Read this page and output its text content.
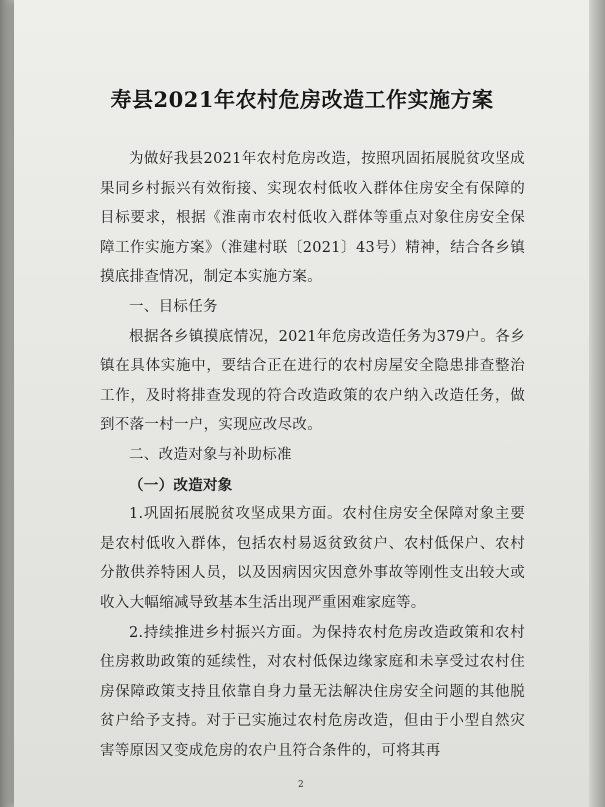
寿县2021年农村危房改造工作实施方案

为做好我县2021年农村危房改造，按照巩固拓展脱贫攻坚成果同乡村振兴有效衔接、实现农村低收入群体住房安全有保障的目标要求，根据《淮南市农村低收入群体等重点对象住房安全保障工作实施方案》（淮建村联〔2021〕43号）精神，结合各乡镇摸底排查情况，制定本实施方案。

一、目标任务

根据各乡镇摸底情况，2021年危房改造任务为379户。各乡镇在具体实施中，要结合正在进行的农村房屋安全隐患排查整治工作，及时将排查发现的符合改造政策的农户纳入改造任务，做到不落一村一户，实现应改尽改。

二、改造对象与补助标准

（一）改造对象

1.巩固拓展脱贫攻坚成果方面。农村住房安全保障对象主要是农村低收入群体，包括农村易返贫致贫户、农村低保户、农村分散供养特困人员，以及因病因灾因意外事故等刚性支出较大或收入大幅缩减导致基本生活出现严重困难家庭等。

2.持续推进乡村振兴方面。为保持农村危房改造政策和农村住房救助政策的延续性，对农村低保边缘家庭和未享受过农村住房保障政策支持且依靠自身力量无法解决住房安全问题的其他脱贫户给予支持。对于已实施过农村危房改造，但由于小型自然灾害等原因又变成危房的农户且符合条件的，可将其再

2
